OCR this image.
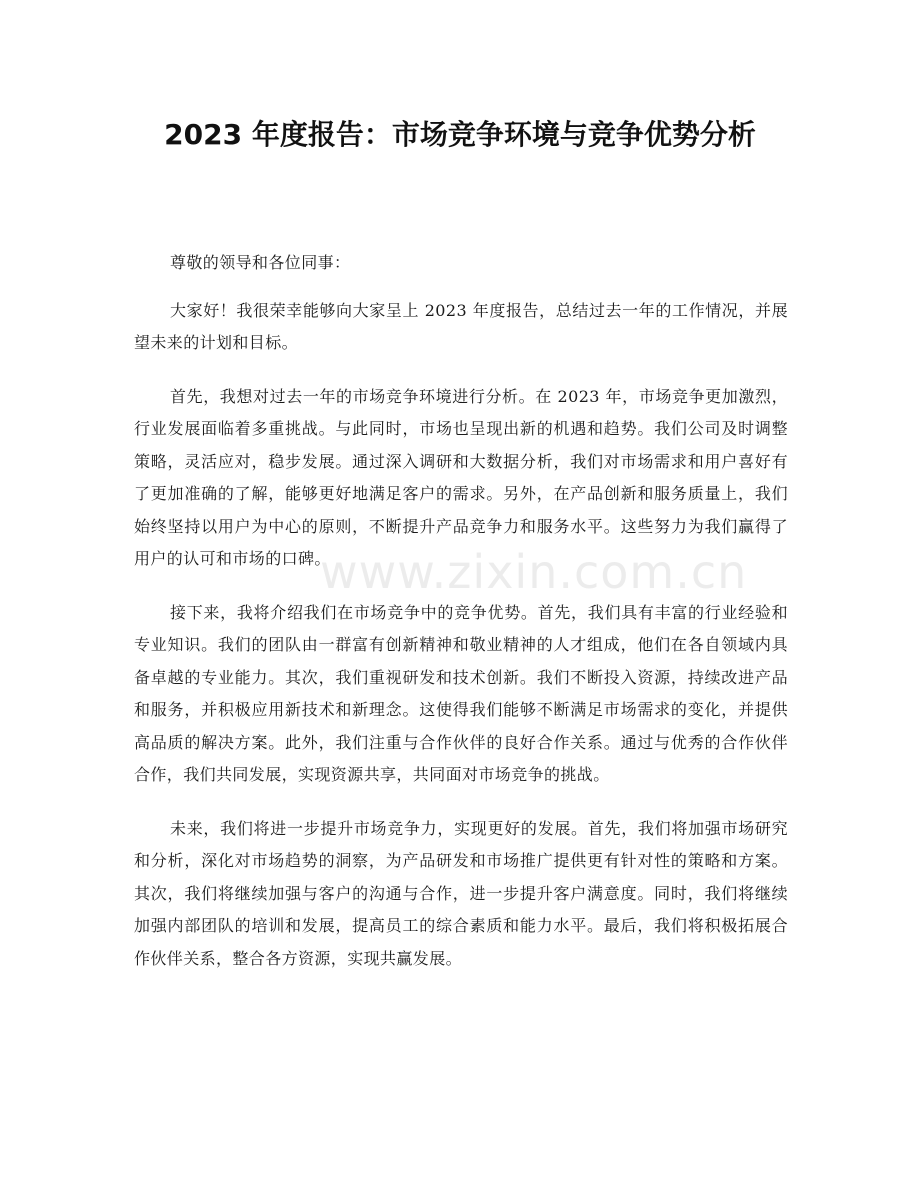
2023 年度报告：市场竞争环境与竞争优势分析

尊敬的领导和各位同事：

大家好！我很荣幸能够向大家呈上 2023 年度报告，总结过去一年的工作情况，并展望未来的计划和目标。

首先，我想对过去一年的市场竞争环境进行分析。在 2023 年，市场竞争更加激烈，行业发展面临着多重挑战。与此同时，市场也呈现出新的机遇和趋势。我们公司及时调整策略，灵活应对，稳步发展。通过深入调研和大数据分析，我们对市场需求和用户喜好有了更加准确的了解，能够更好地满足客户的需求。另外，在产品创新和服务质量上，我们始终坚持以用户为中心的原则，不断提升产品竞争力和服务水平。这些努力为我们赢得了用户的认可和市场的口碑。

接下来，我将介绍我们在市场竞争中的竞争优势。首先，我们具有丰富的行业经验和专业知识。我们的团队由一群富有创新精神和敬业精神的人才组成，他们在各自领域内具备卓越的专业能力。其次，我们重视研发和技术创新。我们不断投入资源，持续改进产品和服务，并积极应用新技术和新理念。这使得我们能够不断满足市场需求的变化，并提供高品质的解决方案。此外，我们注重与合作伙伴的良好合作关系。通过与优秀的合作伙伴合作，我们共同发展，实现资源共享，共同面对市场竞争的挑战。

未来，我们将进一步提升市场竞争力，实现更好的发展。首先，我们将加强市场研究和分析，深化对市场趋势的洞察，为产品研发和市场推广提供更有针对性的策略和方案。其次，我们将继续加强与客户的沟通与合作，进一步提升客户满意度。同时，我们将继续加强内部团队的培训和发展，提高员工的综合素质和能力水平。最后，我们将积极拓展合作伙伴关系，整合各方资源，实现共赢发展。

www.zixin.com.cn
